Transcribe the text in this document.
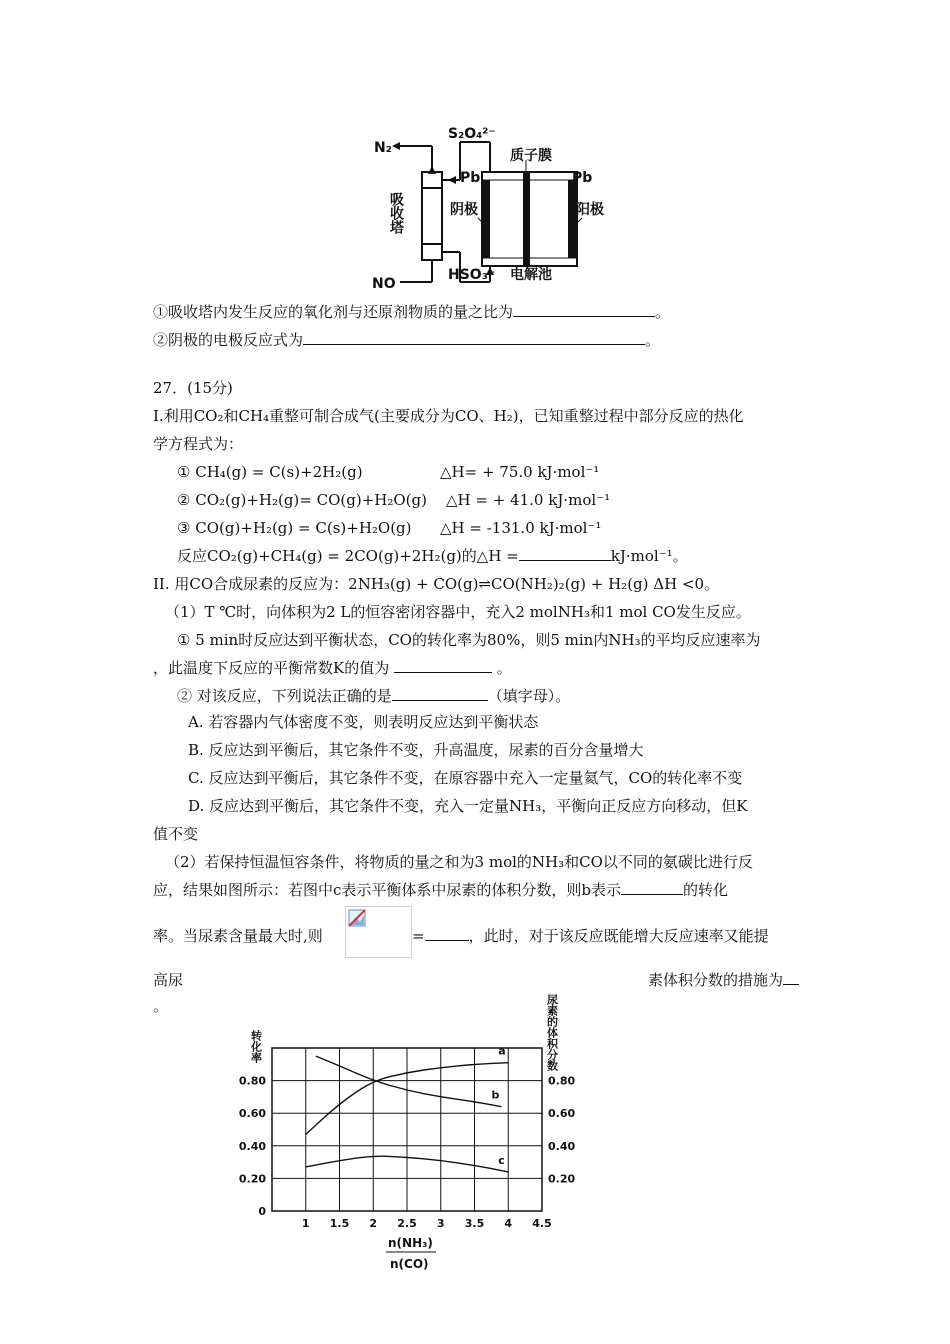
N₂
S₂O₄²⁻
质子膜
Pb	Pb
阴极	阳极
NO
HSO₃⁻ 电解池
吸收塔
①吸收塔内发生反应的氧化剂与还原剂物质的量之比为	。
②阴极的电极反应式为	。
27．(15分)
Ⅰ.利用CO₂和CH₄重整可制合成气(主要成分为CO、H₂)，已知重整过程中部分反应的热化
学方程式为：
① CH₄(g) = C(s)+2H₂(g)	△H= + 75.0 kJ·mol⁻¹
② CO₂(g)+H₂(g)= CO(g)+H₂O(g) △H = + 41.0 kJ·mol⁻¹
③ CO(g)+H₂(g) = C(s)+H₂O(g) △H = -131.0 kJ·mol⁻¹
反应CO₂(g)+CH₄(g) = 2CO(g)+2H₂(g)的△H =	kJ·mol⁻¹。
II. 用CO合成尿素的反应为：2NH₃(g) + CO(g)⇌CO(NH₂)₂(g) + H₂(g) ΔH <0。
（1）T ℃时，向体积为2 L的恒容密闭容器中，充入2 molNH₃和1 mol CO发生反应。
① 5 min时反应达到平衡状态，CO的转化率为80%，则5 min内NH₃的平均反应速率为
，此温度下反应的平衡常数K的值为	。
② 对该反应，下列说法正确的是	（填字母）。
A. 若容器内气体密度不变，则表明反应达到平衡状态
B. 反应达到平衡后，其它条件不变，升高温度，尿素的百分含量增大
C. 反应达到平衡后，其它条件不变，在原容器中充入一定量氦气，CO的转化率不变
D. 反应达到平衡后，其它条件不变，充入一定量NH₃，平衡向正反应方向移动，但K
值不变
（2）若保持恒温恒容条件，将物质的量之和为3 mol的NH₃和CO以不同的氨碳比进行反
应，结果如图所示：若图中c表示平衡体系中尿素的体积分数，则b表示	的转化
率。当尿素含量最大时,则	=	，此时，对于该反应既能增大反应速率又能提
高尿	素体积分数的措施为
。
1 1.5 2 2.5 3 3.5 4 4.5
0
0.20
0.40
0.60
0.80
0.20
0.40
0.60
0.80
a
b
c
转化率	尿素的体积分数
n(NH₃)
n(CO)
